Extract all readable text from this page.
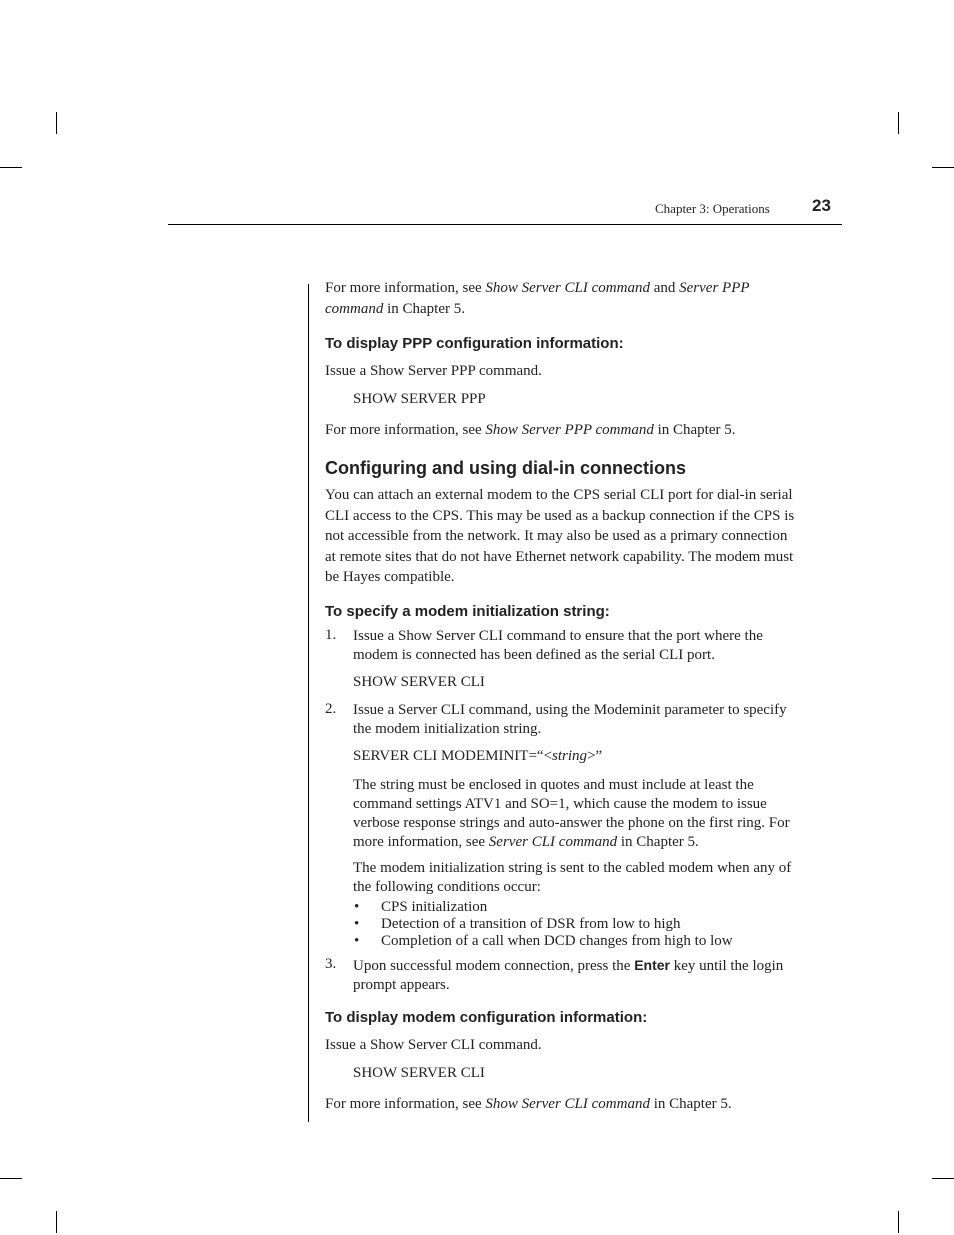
Chapter 3: Operations 23
For more information, see Show Server CLI command and Server PPP
command in Chapter 5.
To display PPP configuration information:
Issue a Show Server PPP command.
SHOW SERVER PPP
For more information, see Show Server PPP command in Chapter 5.
Configuring and using dial-in connections
You can attach an external modem to the CPS serial CLI port for dial-in serial
CLI access to the CPS. This may be used as a backup connection if the CPS is
not accessible from the network. It may also be used as a primary connection
at remote sites that do not have Ethernet network capability. The modem must
be Hayes compatible.
To specify a modem initialization string:
1. Issue a Show Server CLI command to ensure that the port where the
modem is connected has been defined as the serial CLI port.
SHOW SERVER CLI
2. Issue a Server CLI command, using the Modeminit parameter to specify
the modem initialization string.
SERVER CLI MODEMINIT=“<string>”
The string must be enclosed in quotes and must include at least the
command settings ATV1 and SO=1, which cause the modem to issue
verbose response strings and auto-answer the phone on the first ring. For
more information, see Server CLI command in Chapter 5.
The modem initialization string is sent to the cabled modem when any of
the following conditions occur:
• CPS initialization
• Detection of a transition of DSR from low to high
• Completion of a call when DCD changes from high to low
3. Upon successful modem connection, press the Enter key until the login
prompt appears.
To display modem configuration information:
Issue a Show Server CLI command.
SHOW SERVER CLI
For more information, see Show Server CLI command in Chapter 5.
